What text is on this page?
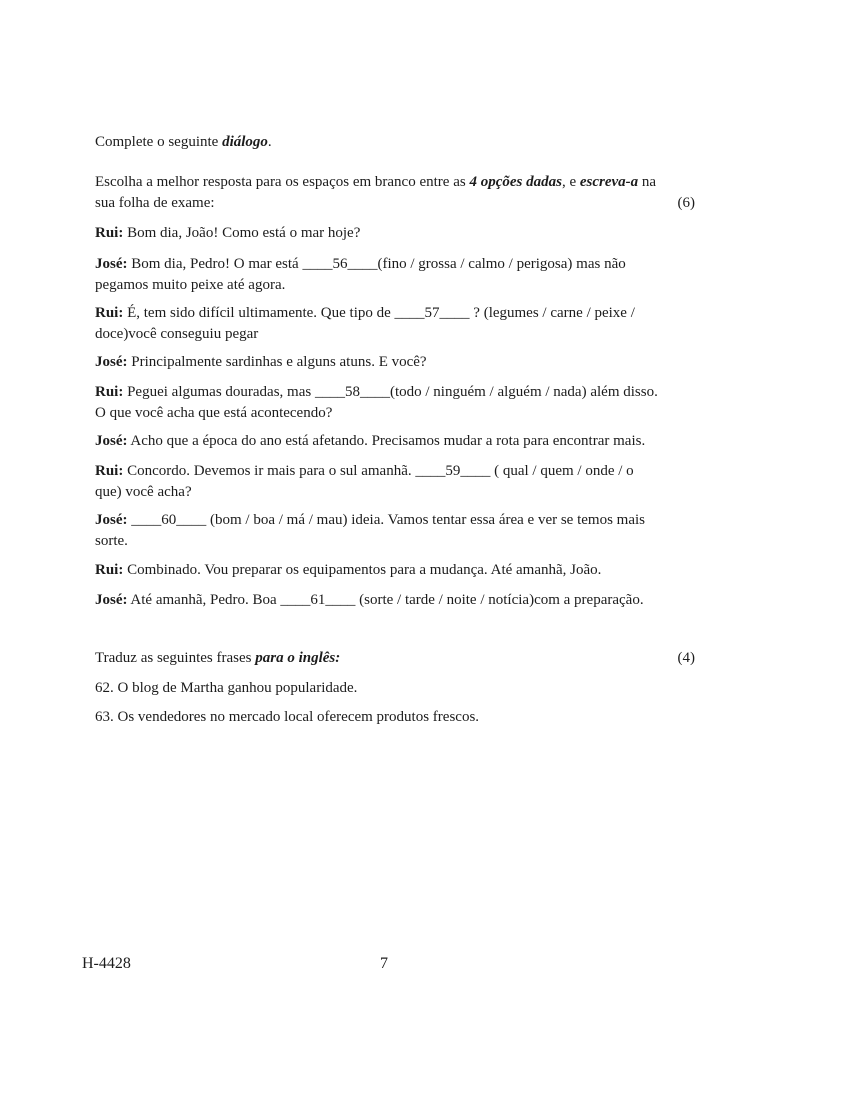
Complete o seguinte diálogo.

Escolha a melhor resposta para os espaços em branco entre as 4 opções dadas, e escreva-a na
sua folha de exame:	(6)

Rui: Bom dia, João! Como está o mar hoje?

José: Bom dia, Pedro! O mar está ____56____(fino / grossa / calmo / perigosa) mas não
pegamos muito peixe até agora.
Rui: É, tem sido difícil ultimamente. Que tipo de ____57____ ? (legumes / carne / peixe /
doce)você conseguiu pegar

José: Principalmente sardinhas e alguns atuns. E você?

Rui: Peguei algumas douradas, mas ____58____(todo / ninguém / alguém / nada) além disso.
O que você acha que está acontecendo?

José: Acho que a época do ano está afetando. Precisamos mudar a rota para encontrar mais.

Rui: Concordo. Devemos ir mais para o sul amanhã. ____59____ ( qual / quem / onde / o
que) você acha?
José: ____60____ (bom / boa / má / mau) ideia. Vamos tentar essa área e ver se temos mais
sorte.

Rui: Combinado. Vou preparar os equipamentos para a mudança. Até amanhã, João.

José: Até amanhã, Pedro. Boa ____61____ (sorte / tarde / noite / notícia)com a preparação.

Traduz as seguintes frases para o inglês:	(4)

62. O blog de Martha ganhou popularidade.

63. Os vendedores no mercado local oferecem produtos frescos.

H-4428	7
